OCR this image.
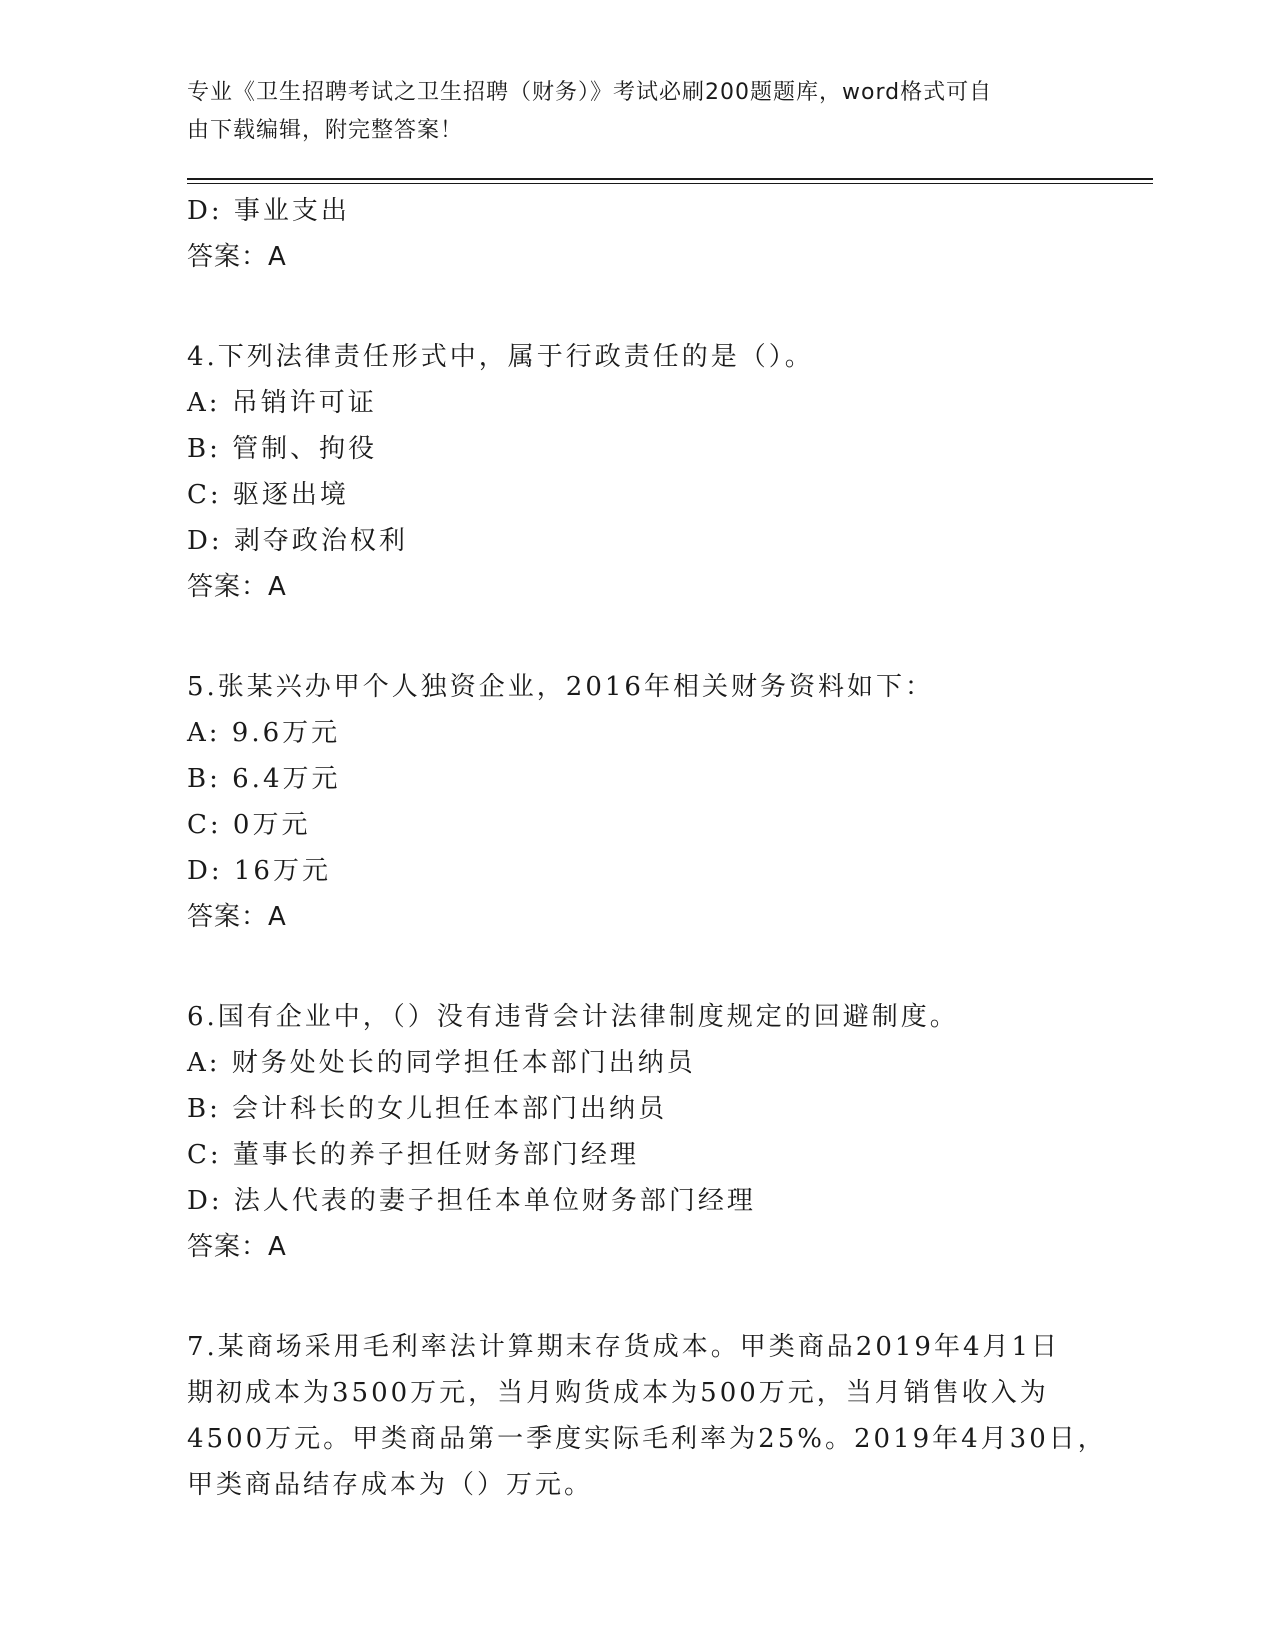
专业《卫生招聘考试之卫生招聘（财务）》考试必刷200题题库，word格式可自
由下载编辑，附完整答案！
D: 事业支出
答案：A
4.下列法律责任形式中，属于行政责任的是（）。
A: 吊销许可证
B: 管制、拘役
C: 驱逐出境
D: 剥夺政治权利
答案：A
5.张某兴办甲个人独资企业，2016年相关财务资料如下：
A: 9.6万元
B: 6.4万元
C: 0万元
D: 16万元
答案：A
6.国有企业中，（）没有违背会计法律制度规定的回避制度。
A: 财务处处长的同学担任本部门出纳员
B: 会计科长的女儿担任本部门出纳员
C: 董事长的养子担任财务部门经理
D: 法人代表的妻子担任本单位财务部门经理
答案：A
7.某商场采用毛利率法计算期末存货成本。甲类商品2019年4月1日
期初成本为3500万元，当月购货成本为500万元，当月销售收入为
4500万元。甲类商品第一季度实际毛利率为25%。2019年4月30日，
甲类商品结存成本为（）万元。
